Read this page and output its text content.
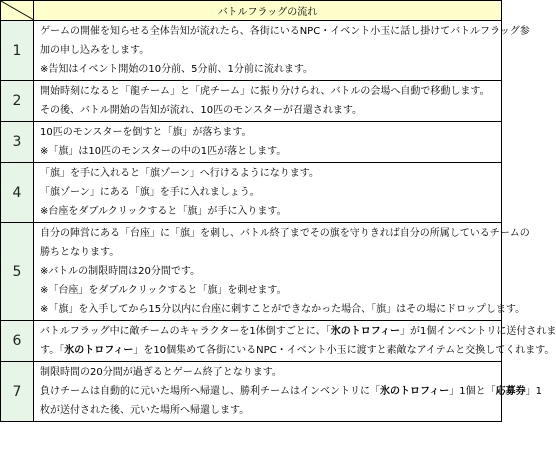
	バトルフラッグの流れ
1	ゲームの開催を知らせる全体告知が流れたら、各街にいるNPC・イベント小玉に話し掛けてバトルフラッグ参
加の申し込みをします。
※告知はイベント開始の10分前、5分前、1分前に流れます。

2	開始時刻になると「龍チーム」と「虎チーム」に振り分けられ、バトルの会場へ自動で移動します。
その後、バトル開始の告知が流れ、10匹のモンスターが召還されます。

3	10匹のモンスターを倒すと「旗」が落ちます。
※「旗」は10匹のモンスターの中の1匹が落とします。

4	「旗」を手に入れると「旗ゾーン」へ行けるようになります。
「旗ゾーン」にある「旗」を手に入れましょう。
※台座をダブルクリックすると「旗」が手に入ります。

5	自分の陣営にある「台座」に「旗」を刺し、バトル終了までその旗を守りきれば自分の所属しているチームの
勝ちとなります。
※バトルの制限時間は20分間です。
※「台座」をダブルクリックすると「旗」を刺せます。
※「旗」を入手してから15分以内に台座に刺すことができなかった場合、「旗」はその場にドロップします。

6	バトルフラッグ中に敵チームのキャラクターを1体倒すごとに、「氷のトロフィー」が1個インベントリに送付されま
す。「氷のトロフィー」を10個集めて各街にいるNPC・イベント小玉に渡すと素敵なアイテムと交換してくれます。

7	制限時間の20分間が過ぎるとゲーム終了となります。
負けチームは自動的に元いた場所へ帰還し、勝利チームはインベントリに「氷のトロフィー」1個と「応募券」1
枚が送付された後、元いた場所へ帰還します。
